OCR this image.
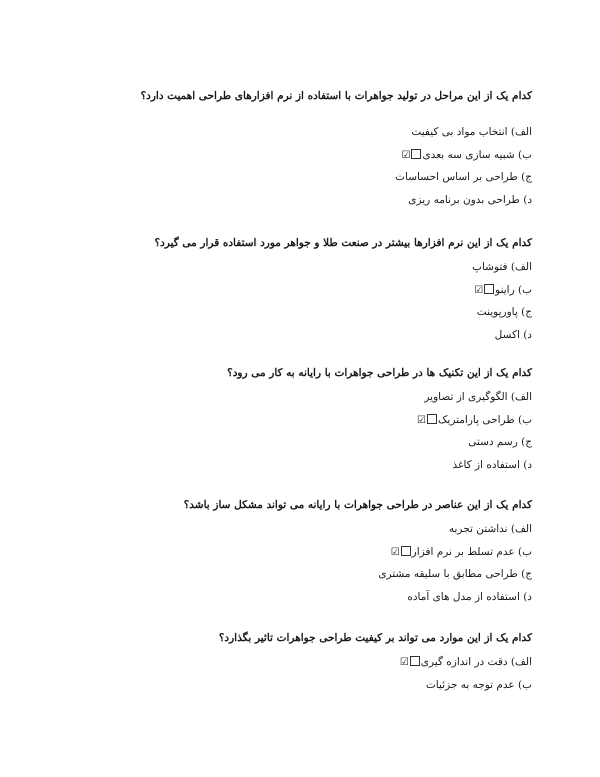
کدام یک از این مراحل در تولید جواهرات با استفاده از نرم افزارهای طراحی اهمیت دارد؟
الف) انتخاب مواد بی کیفیت
ب) شبیه سازی سه بعدی☑
ج) طراحی بر اساس احساسات
د) طراحی بدون برنامه ریزی
کدام یک از این نرم افزارها بیشتر در صنعت طلا و جواهر مورد استفاده قرار می گیرد؟
الف) فتوشاپ
ب) راینو☑
ج) پاورپوینت
د) اکسل
کدام یک از این تکنیک ها در طراحی جواهرات با رایانه به کار می رود؟
الف) الگوگیری از تصاویر
ب) طراحی پارامتریک☑
ج) رسم دستی
د) استفاده از کاغذ
کدام یک از این عناصر در طراحی جواهرات با رایانه می تواند مشکل ساز باشد؟
الف) نداشتن تجربه
ب) عدم تسلط بر نرم افزار☑
ج) طراحی مطابق با سلیقه مشتری
د) استفاده از مدل های آماده
کدام یک از این موارد می تواند بر کیفیت طراحی جواهرات تاثیر بگذارد؟
الف) دقت در اندازه گیری☑
ب) عدم توجه به جزئیات
